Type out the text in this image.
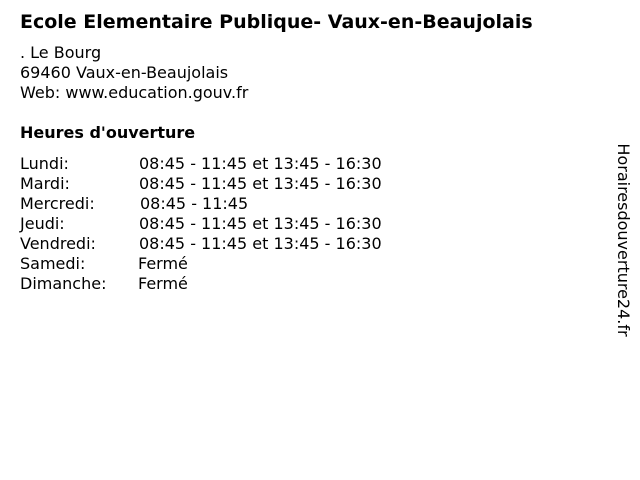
Ecole Elementaire Publique- Vaux-en-Beaujolais
. Le Bourg
69460 Vaux-en-Beaujolais
Web: www.education.gouv.fr
Heures d'ouverture
Lundi:	08:45 - 11:45 et 13:45 - 16:30
Mardi:	08:45 - 11:45 et 13:45 - 16:30
Mercredi:	08:45 - 11:45
Jeudi:	08:45 - 11:45 et 13:45 - 16:30
Vendredi:	08:45 - 11:45 et 13:45 - 16:30
Samedi:	Fermé
Dimanche: Fermé	Horairesdouverture24.fr
